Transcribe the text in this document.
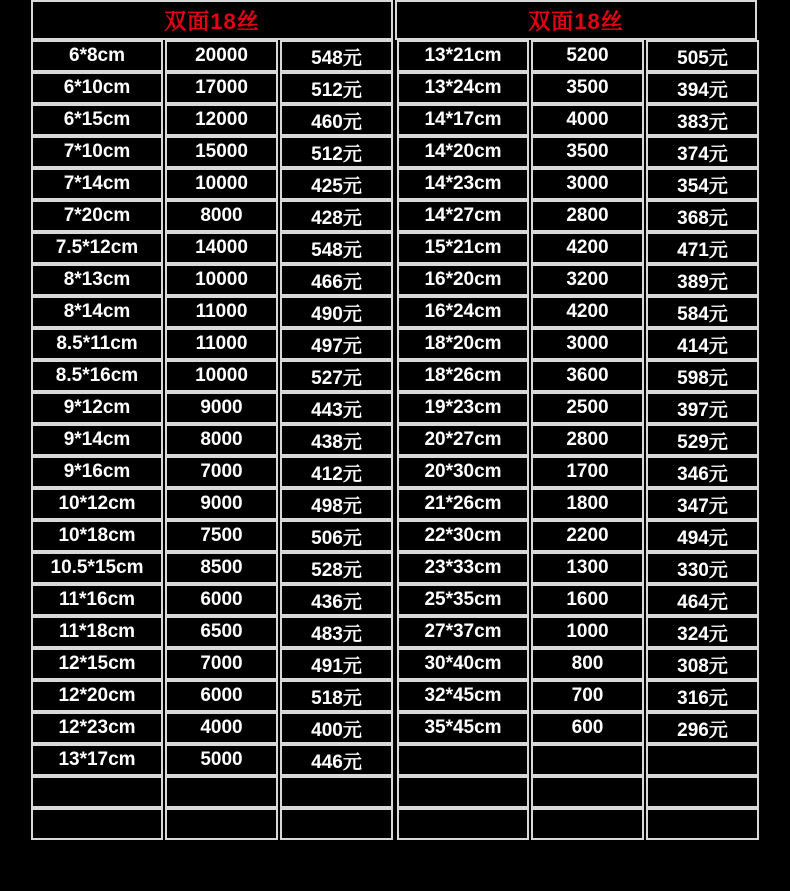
双面18丝	双面18丝
6*8cm	20000	548元	13*21cm	5200	505元
6*10cm	17000	512元	13*24cm	3500	394元
6*15cm	12000	460元	14*17cm	4000	383元
7*10cm	15000	512元	14*20cm	3500	374元
7*14cm	10000	425元	14*23cm	3000	354元
7*20cm	8000	428元	14*27cm	2800	368元
7.5*12cm	14000	548元	15*21cm	4200	471元
8*13cm	10000	466元	16*20cm	3200	389元
8*14cm	11000	490元	16*24cm	4200	584元
8.5*11cm	11000	497元	18*20cm	3000	414元
8.5*16cm	10000	527元	18*26cm	3600	598元
9*12cm	9000	443元	19*23cm	2500	397元
9*14cm	8000	438元	20*27cm	2800	529元
9*16cm	7000	412元	20*30cm	1700	346元
10*12cm	9000	498元	21*26cm	1800	347元
10*18cm	7500	506元	22*30cm	2200	494元
10.5*15cm	8500	528元	23*33cm	1300	330元
11*16cm	6000	436元	25*35cm	1600	464元
11*18cm	6500	483元	27*37cm	1000	324元
12*15cm	7000	491元	30*40cm	800	308元
12*20cm	6000	518元	32*45cm	700	316元
12*23cm	4000	400元	35*45cm	600	296元
13*17cm	5000	446元
